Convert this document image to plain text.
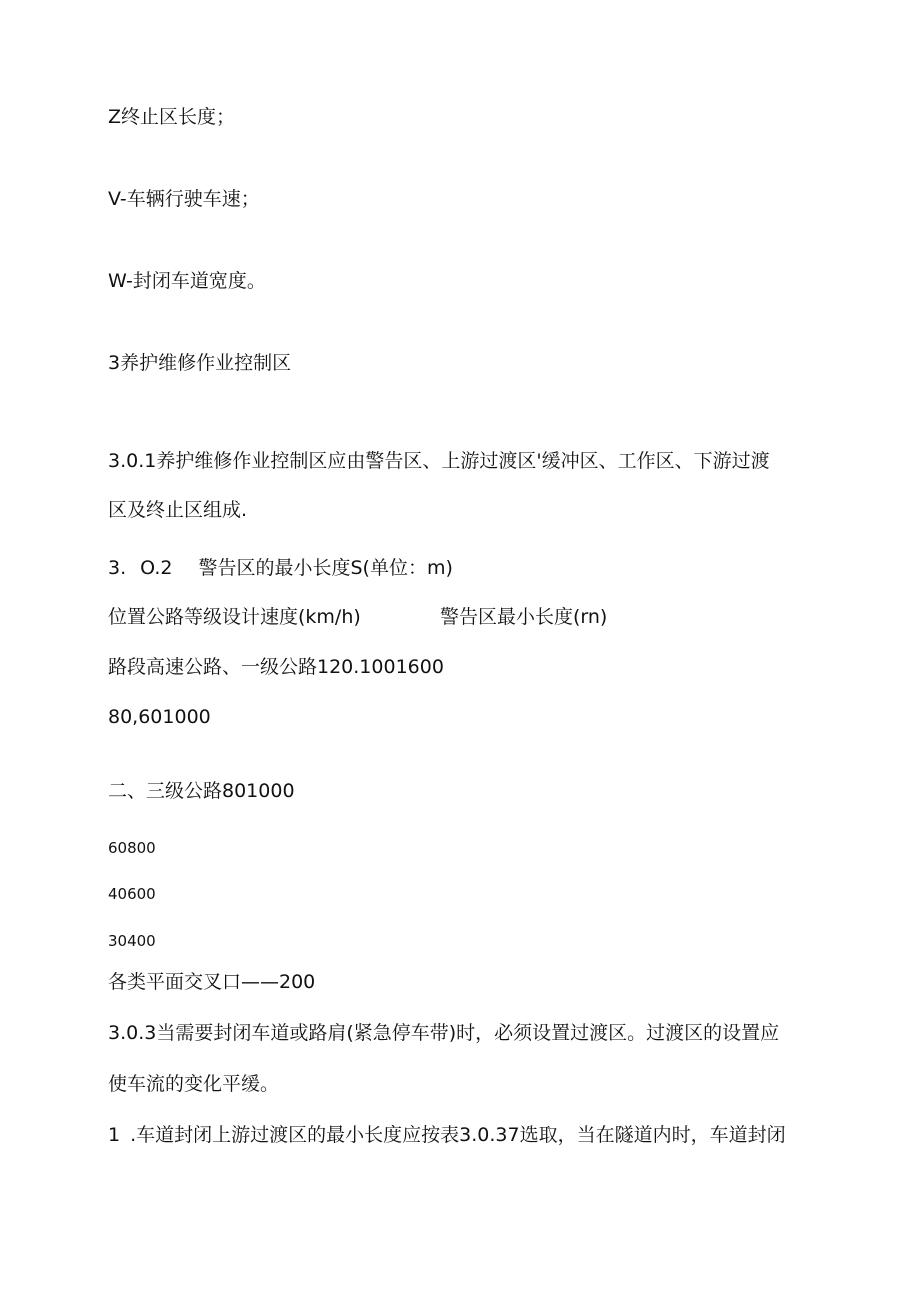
Z终止区长度；
V-车辆行驶车速；
W-封闭车道宽度。
3养护维修作业控制区
3.0.1养护维修作业控制区应由警告区、上游过渡区'缓冲区、工作区、下游过渡
区及终止区组成.
3. O.2 警告区的最小长度S(单位：m)
位置公路等级设计速度(km/h)	警告区最小长度(rn)
路段高速公路、一级公路120.1001600
80,601000
二、三级公路801000
60800
40600
30400
各类平面交叉口——200
3.0.3当需要封闭车道或路肩(紧急停车带)时，必须设置过渡区。过渡区的设置应
使车流的变化平缓。
1 .车道封闭上游过渡区的最小长度应按表3.0.37选取，当在隧道内时，车道封闭
